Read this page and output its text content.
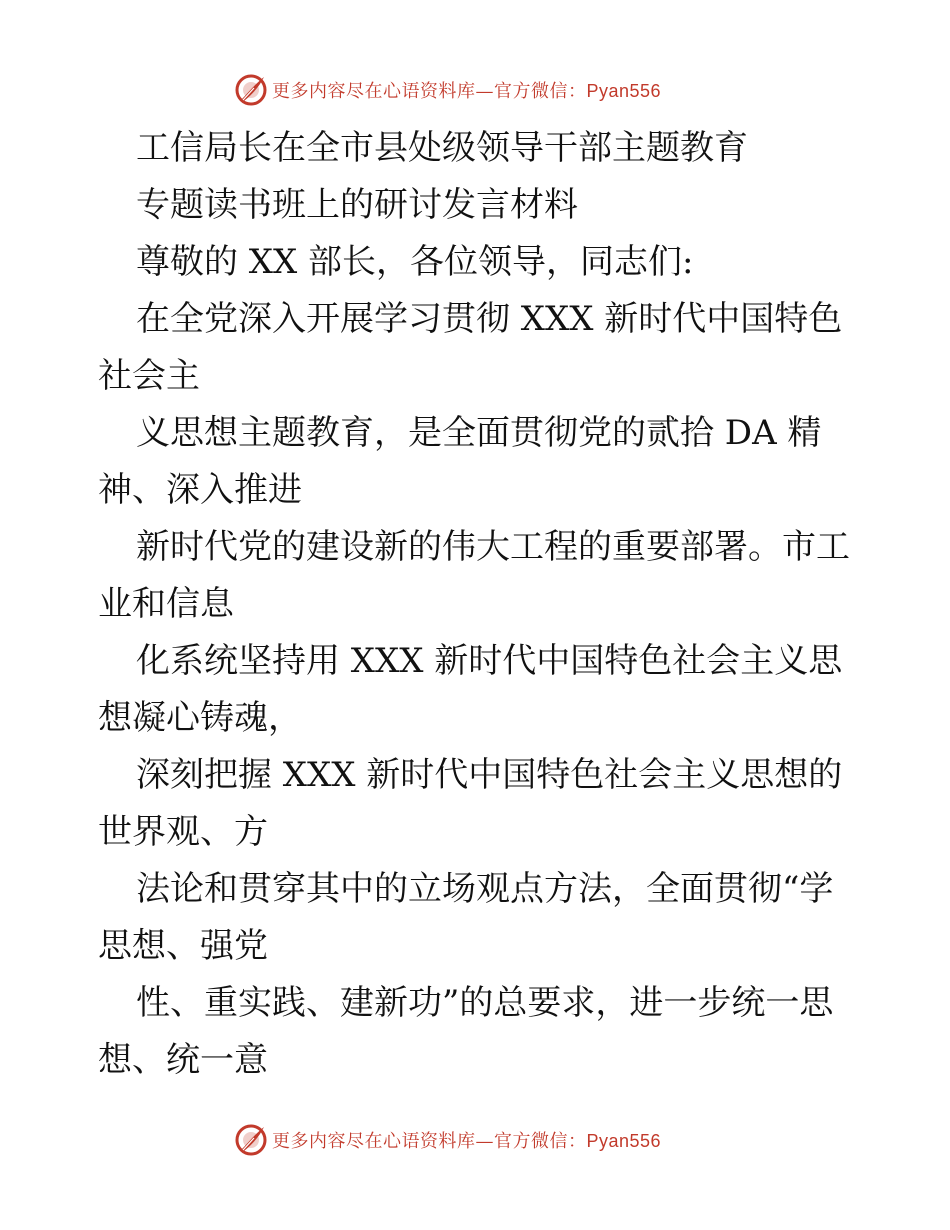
更多内容尽在心语资料库—官方微信：Pyan556
工信局长在全市县处级领导干部主题教育
专题读书班上的研讨发言材料
尊敬的 XX 部长，各位领导，同志们:
在全党深入开展学习贯彻 XXX 新时代中国特色
社会主
义思想主题教育，是全面贯彻党的贰拾 DA 精
神、深入推进
新时代党的建设新的伟大工程的重要部署。市工
业和信息
化系统坚持用 XXX 新时代中国特色社会主义思
想凝心铸魂，
深刻把握 XXX 新时代中国特色社会主义思想的
世界观、方
法论和贯穿其中的立场观点方法，全面贯彻“学
思想、强党
性、重实践、建新功”的总要求，进一步统一思
想、统一意
更多内容尽在心语资料库—官方微信：Pyan556
